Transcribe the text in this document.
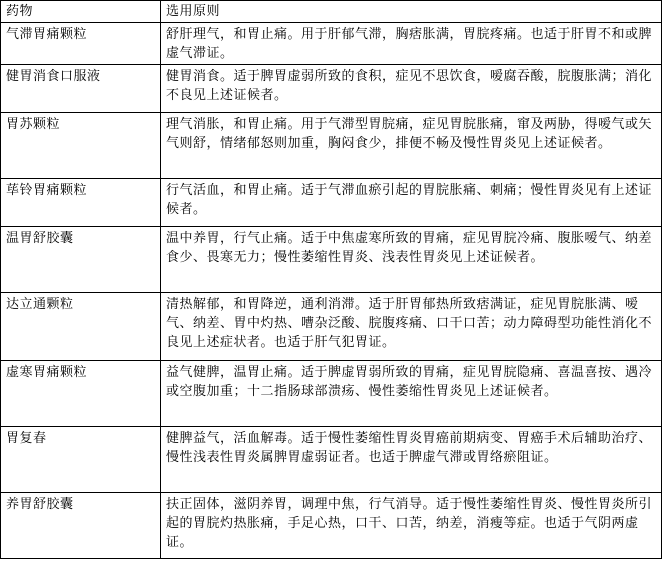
药物	选用原则
气滞胃痛颗粒	舒肝理气，和胃止痛。用于肝郁气滞，胸痞胀满，胃脘疼痛。也适于肝胃不和或脾虚气滞证。
健胃消食口服液	健胃消食。适于脾胃虚弱所致的食积，症见不思饮食，嗳腐吞酸，脘腹胀满；消化不良见上述证候者。
胃苏颗粒	理气消胀，和胃止痛。用于气滞型胃脘痛，症见胃脘胀痛，窜及两胁，得嗳气或矢气则舒，情绪郁怒则加重，胸闷食少，排便不畅及慢性胃炎见上述证候者。
荜铃胃痛颗粒	行气活血，和胃止痛。适于气滞血瘀引起的胃脘胀痛、刺痛；慢性胃炎见有上述证候者。
温胃舒胶囊	温中养胃，行气止痛。适于中焦虚寒所致的胃痛，症见胃脘冷痛、腹胀嗳气、纳差食少、畏寒无力；慢性萎缩性胃炎、浅表性胃炎见上述证候者。
达立通颗粒	清热解郁，和胃降逆，通利消滞。适于肝胃郁热所致痞满证，症见胃脘胀满、嗳气、纳差、胃中灼热、嘈杂泛酸、脘腹疼痛、口干口苦；动力障碍型功能性消化不良见上述症状者。也适于肝气犯胃证。
虚寒胃痛颗粒	益气健脾，温胃止痛。适于脾虚胃弱所致的胃痛，症见胃脘隐痛、喜温喜按、遇冷或空腹加重；十二指肠球部溃疡、慢性萎缩性胃炎见上述证候者。
胃复春	健脾益气，活血解毒。适于慢性萎缩性胃炎胃癌前期病变、胃癌手术后辅助治疗、慢性浅表性胃炎属脾胃虚弱证者。也适于脾虚气滞或胃络瘀阻证。
养胃舒胶囊	扶正固体，滋阴养胃，调理中焦，行气消导。适于慢性萎缩性胃炎、慢性胃炎所引起的胃脘灼热胀痛，手足心热，口干、口苦，纳差，消瘦等症。也适于气阴两虚证。
